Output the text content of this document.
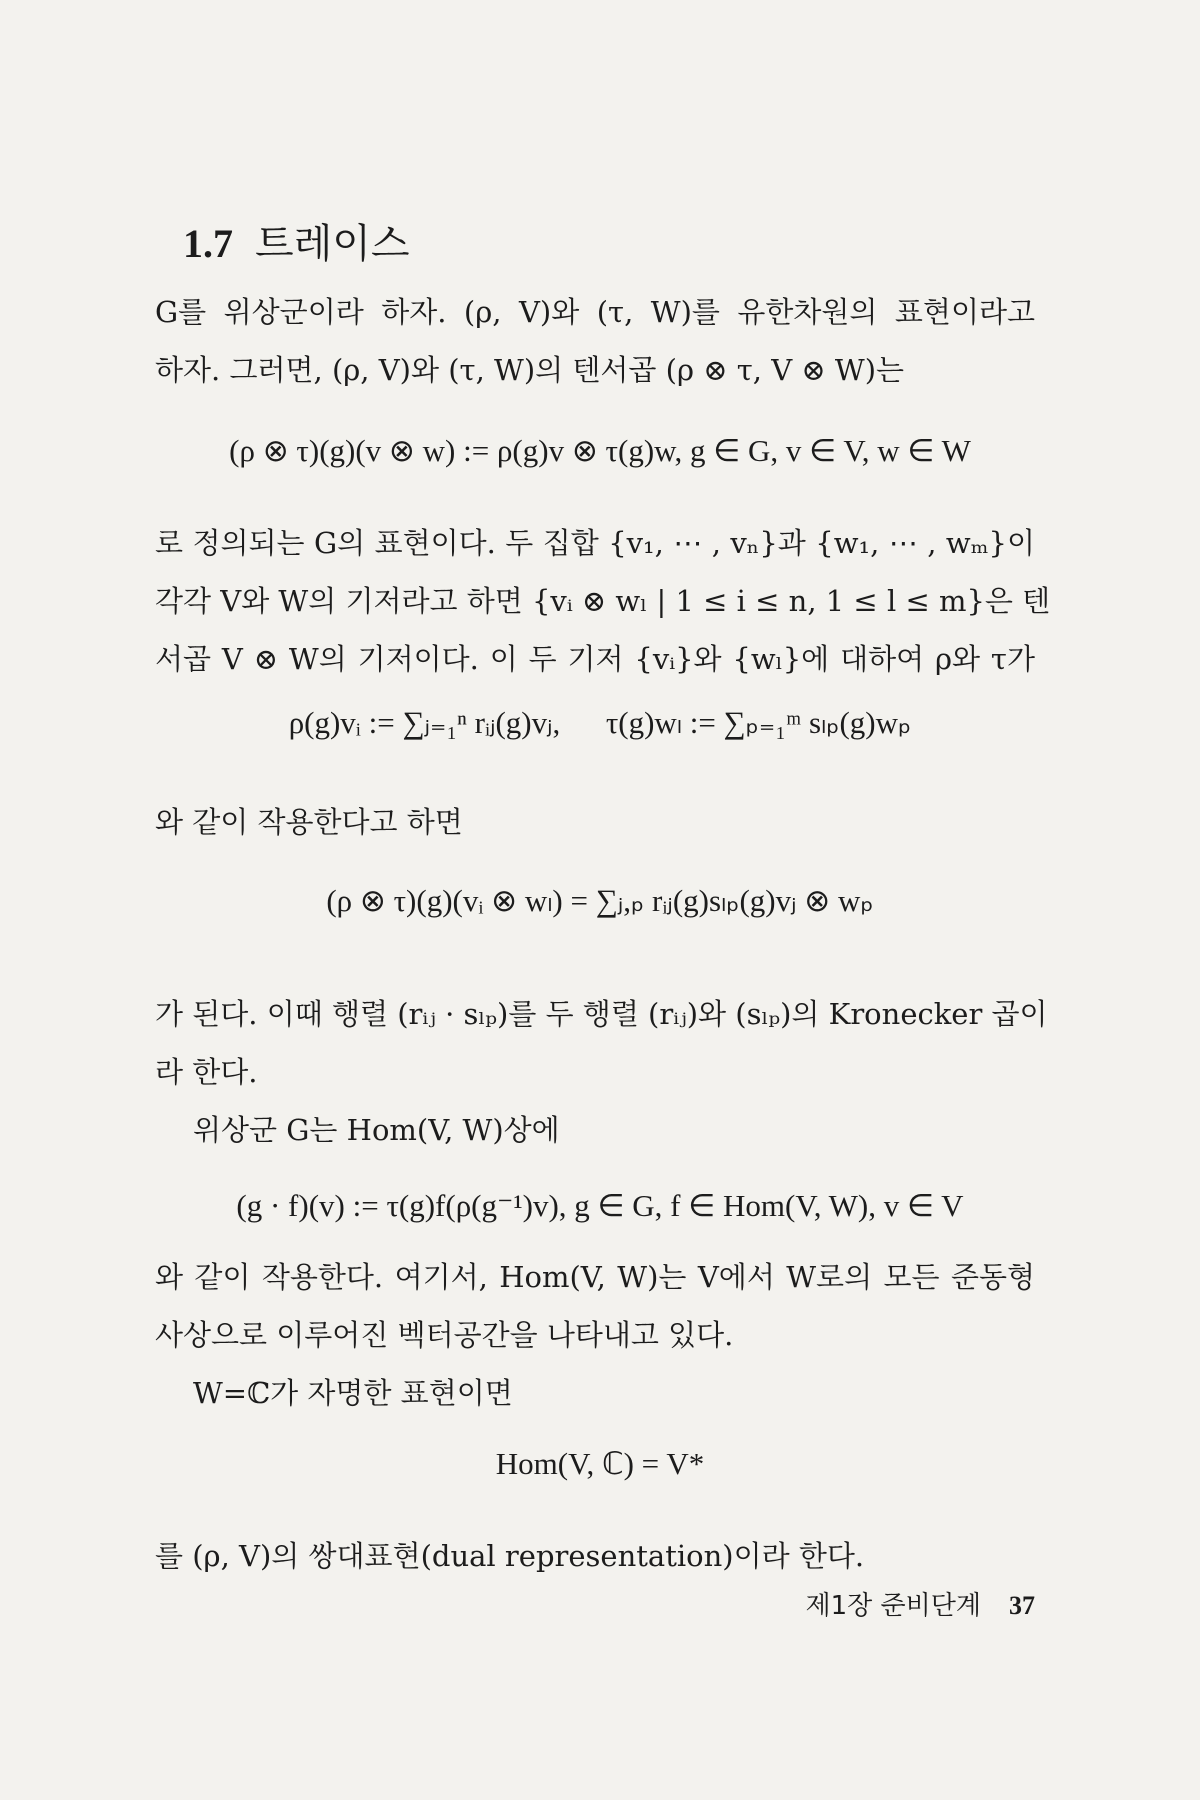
1.7 트레이스
G를 위상군이라 하자. (ρ, V)와 (τ, W)를 유한차원의 표현이라고
하자. 그러면, (ρ, V)와 (τ, W)의 텐서곱 (ρ ⊗ τ, V ⊗ W)는
(ρ ⊗ τ)(g)(v ⊗ w) := ρ(g)v ⊗ τ(g)w, g ∈ G, v ∈ V, w ∈ W
로 정의되는 G의 표현이다. 두 집합 {v₁, ⋯ , vₙ}과 {w₁, ⋯ , wₘ}이
각각 V와 W의 기저라고 하면 {vᵢ ⊗ wₗ | 1 ≤ i ≤ n, 1 ≤ l ≤ m}은 텐
서곱 V ⊗ W의 기저이다. 이 두 기저 {vᵢ}와 {wₗ}에 대하여 ρ와 τ가
ρ(g)vᵢ := ∑ⱼ₌₁ⁿ rᵢⱼ(g)vⱼ, τ(g)wₗ := ∑ₚ₌₁ᵐ sₗₚ(g)wₚ
와 같이 작용한다고 하면
(ρ ⊗ τ)(g)(vᵢ ⊗ wₗ) = ∑ⱼ,ₚ rᵢⱼ(g)sₗₚ(g)vⱼ ⊗ wₚ
가 된다. 이때 행렬 (rᵢⱼ · sₗₚ)를 두 행렬 (rᵢⱼ)와 (sₗₚ)의 Kronecker 곱이
라 한다.
위상군 G는 Hom(V, W)상에
(g · f)(v) := τ(g)f(ρ(g⁻¹)v), g ∈ G, f ∈ Hom(V, W), v ∈ V
와 같이 작용한다. 여기서, Hom(V, W)는 V에서 W로의 모든 준동형
사상으로 이루어진 벡터공간을 나타내고 있다.
W=ℂ가 자명한 표현이면
Hom(V, ℂ) = V*
를 (ρ, V)의 쌍대표현(dual representation)이라 한다.
제1장 준비단계 37
